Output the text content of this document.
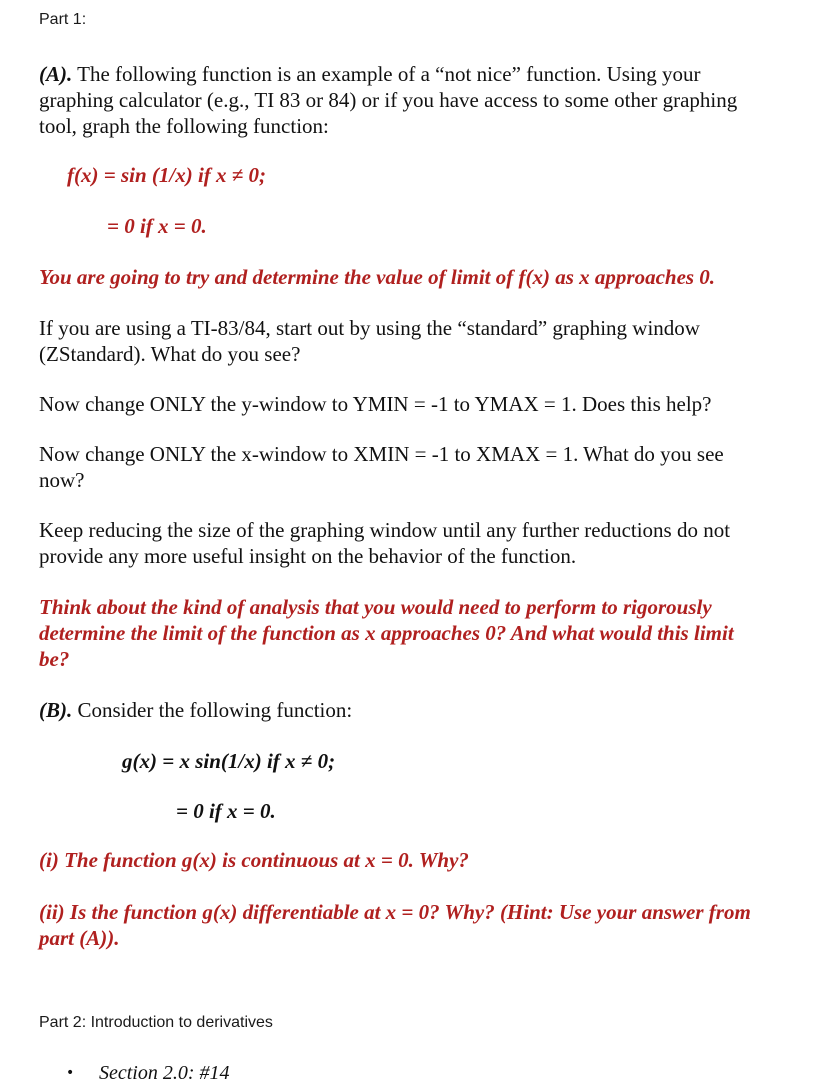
Part 1:
(A). The following function is an example of a “not nice” function. Using your
graphing calculator (e.g., TI 83 or 84) or if you have access to some other graphing
tool, graph the following function:
f(x) = sin (1/x) if x ≠ 0;
= 0 if x = 0.
You are going to try and determine the value of limit of f(x) as x approaches 0.
If you are using a TI-83/84, start out by using the “standard” graphing window
(ZStandard). What do you see?
Now change ONLY the y-window to YMIN = -1 to YMAX = 1. Does this help?
Now change ONLY the x-window to XMIN = -1 to XMAX = 1. What do you see
now?
Keep reducing the size of the graphing window until any further reductions do not
provide any more useful insight on the behavior of the function.
Think about the kind of analysis that you would need to perform to rigorously
determine the limit of the function as x approaches 0? And what would this limit
be?
(B). Consider the following function:
g(x) = x sin(1/x) if x ≠ 0;
= 0 if x = 0.
(i) The function g(x) is continuous at x = 0. Why?
(ii) Is the function g(x) differentiable at x = 0? Why? (Hint: Use your answer from
part (A)).
Part 2: Introduction to derivatives
• Section 2.0: #14
